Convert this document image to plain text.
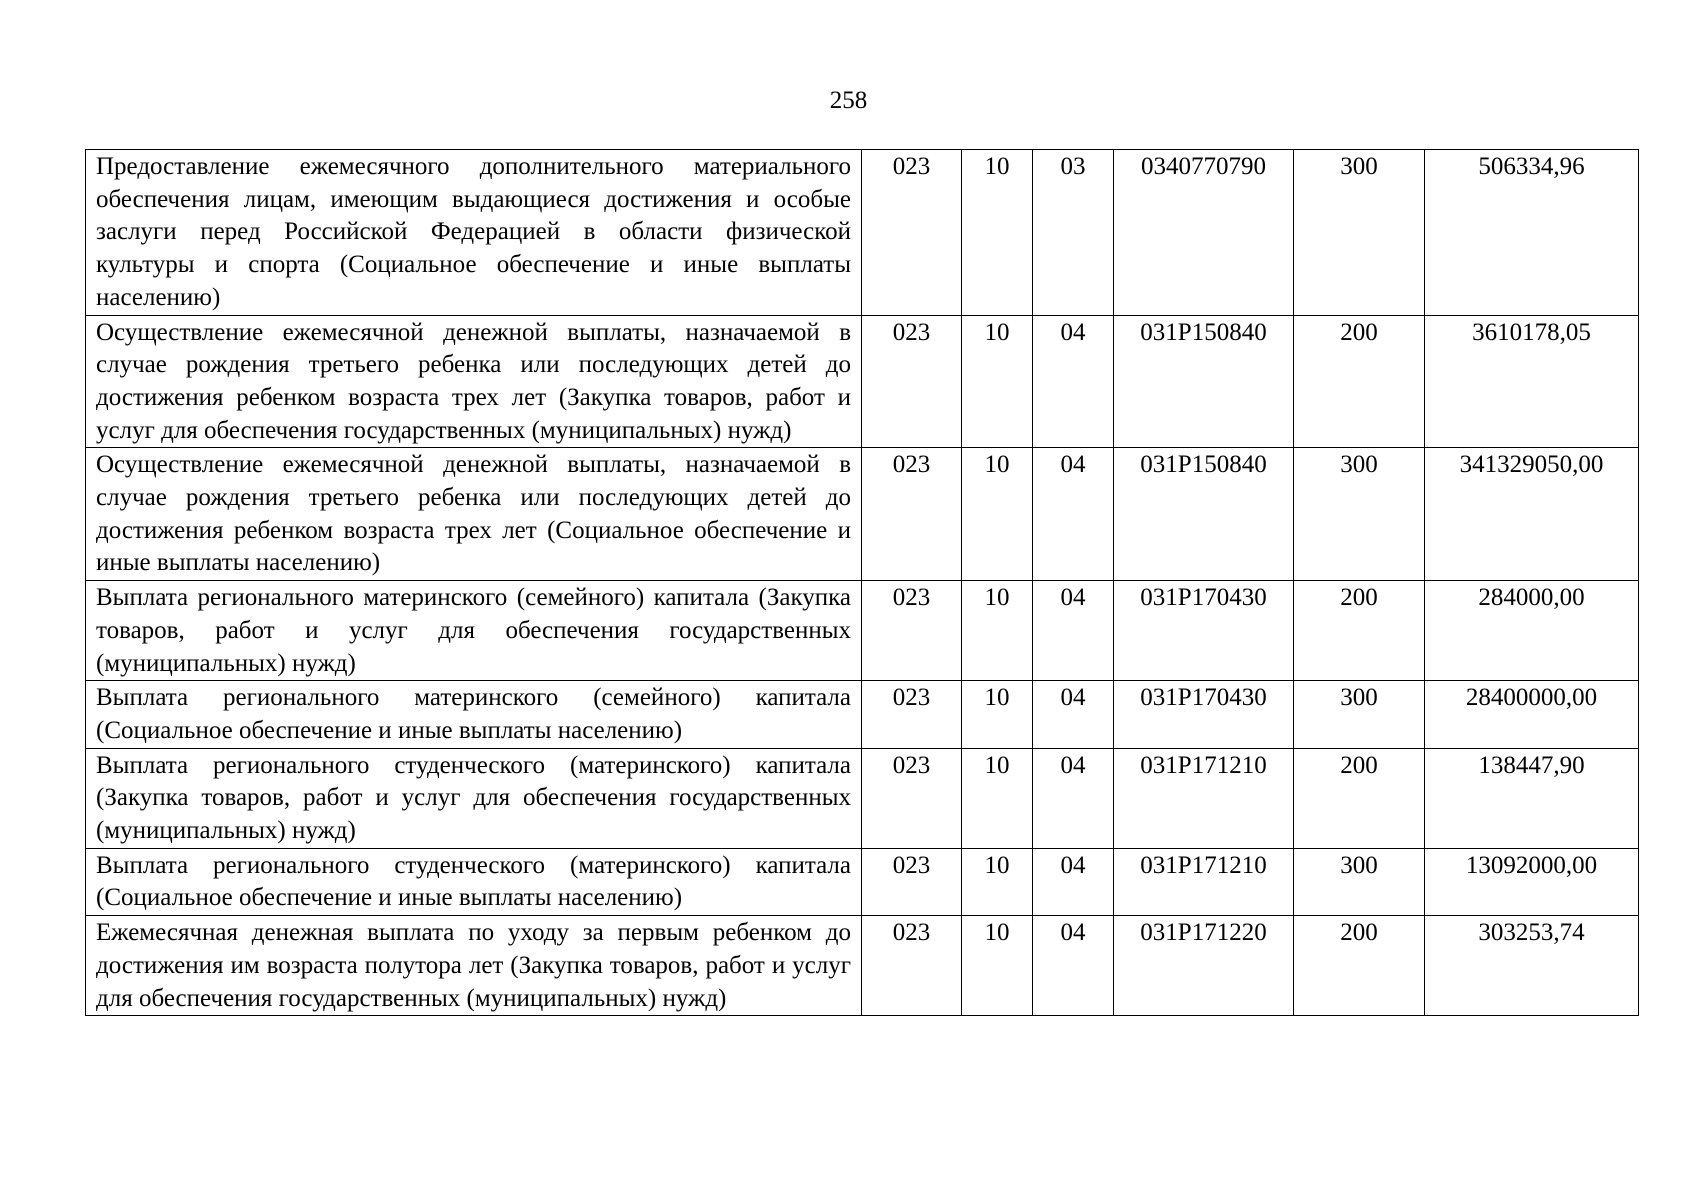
258
Предоставление ежемесячного дополнительного материального обеспечения лицам, имеющим выдающиеся достижения и особые заслуги перед Российской Федерацией в области физической культуры и спорта (Социальное обеспечение и иные выплаты населению)	023	10	03	0340770790	300	506334,96
Осуществление ежемесячной денежной выплаты, назначаемой в случае рождения третьего ребенка или последующих детей до достижения ребенком возраста трех лет (Закупка товаров, работ и услуг для обеспечения государственных (муниципальных) нужд)	023	10	04	031P150840	200	3610178,05
Осуществление ежемесячной денежной выплаты, назначаемой в случае рождения третьего ребенка или последующих детей до достижения ребенком возраста трех лет (Социальное обеспечение и иные выплаты населению)	023	10	04	031P150840	300	341329050,00
Выплата регионального материнского (семейного) капитала (Закупка товаров, работ и услуг для обеспечения государственных (муниципальных) нужд)	023	10	04	031P170430	200	284000,00
Выплата регионального материнского (семейного) капитала (Социальное обеспечение и иные выплаты населению)	023	10	04	031P170430	300	28400000,00
Выплата регионального студенческого (материнского) капитала (Закупка товаров, работ и услуг для обеспечения государственных (муниципальных) нужд)	023	10	04	031P171210	200	138447,90
Выплата регионального студенческого (материнского) капитала (Социальное обеспечение и иные выплаты населению)	023	10	04	031P171210	300	13092000,00
Ежемесячная денежная выплата по уходу за первым ребенком до достижения им возраста полутора лет (Закупка товаров, работ и услуг для обеспечения государственных (муниципальных) нужд)	023	10	04	031P171220	200	303253,74
